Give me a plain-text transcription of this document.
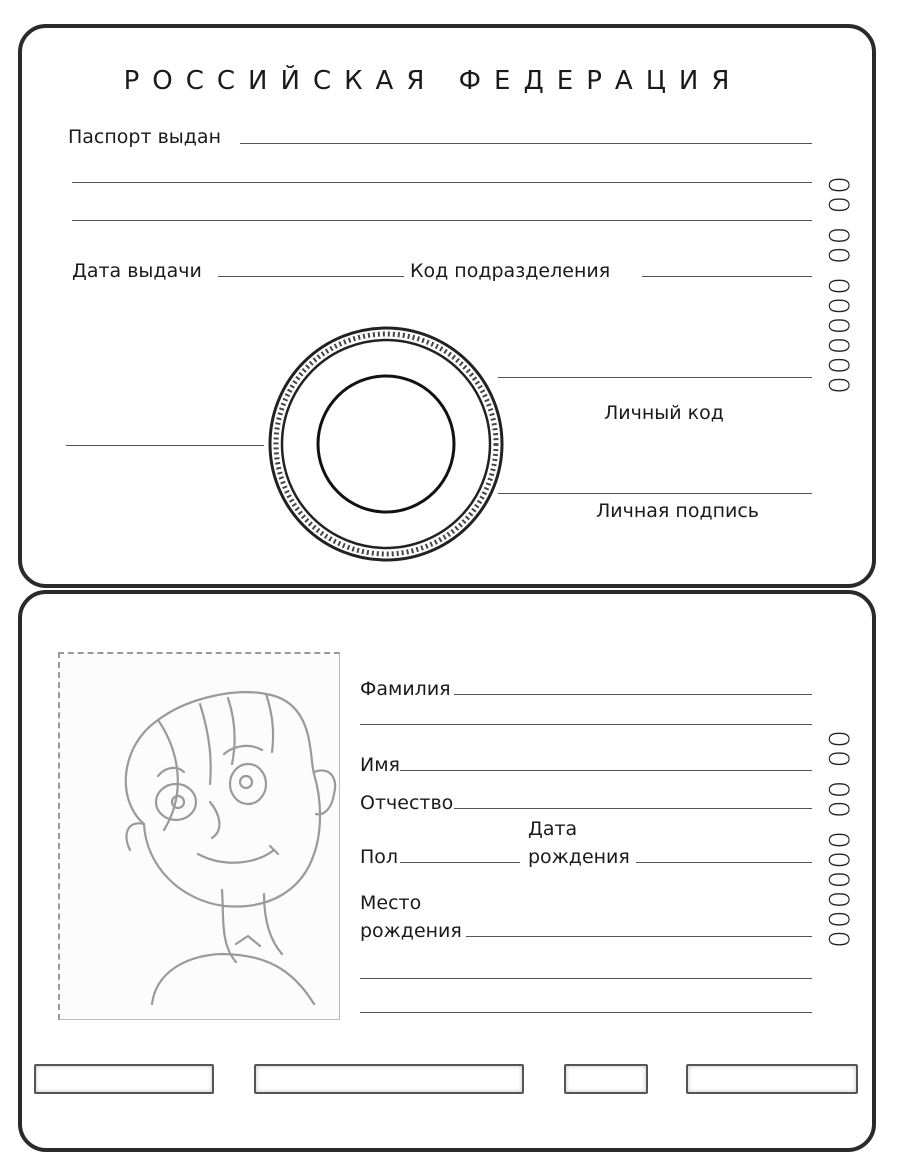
РОССИЙСКАЯ ФЕДЕРАЦИЯ
Паспорт выдан
Дата выдачи	Код подразделения
Личный код
Личная подпись
000000 00 00
Фамилия
Имя
Отчество
Пол
Дата
рождения
Место
рождения	000000 00 00
